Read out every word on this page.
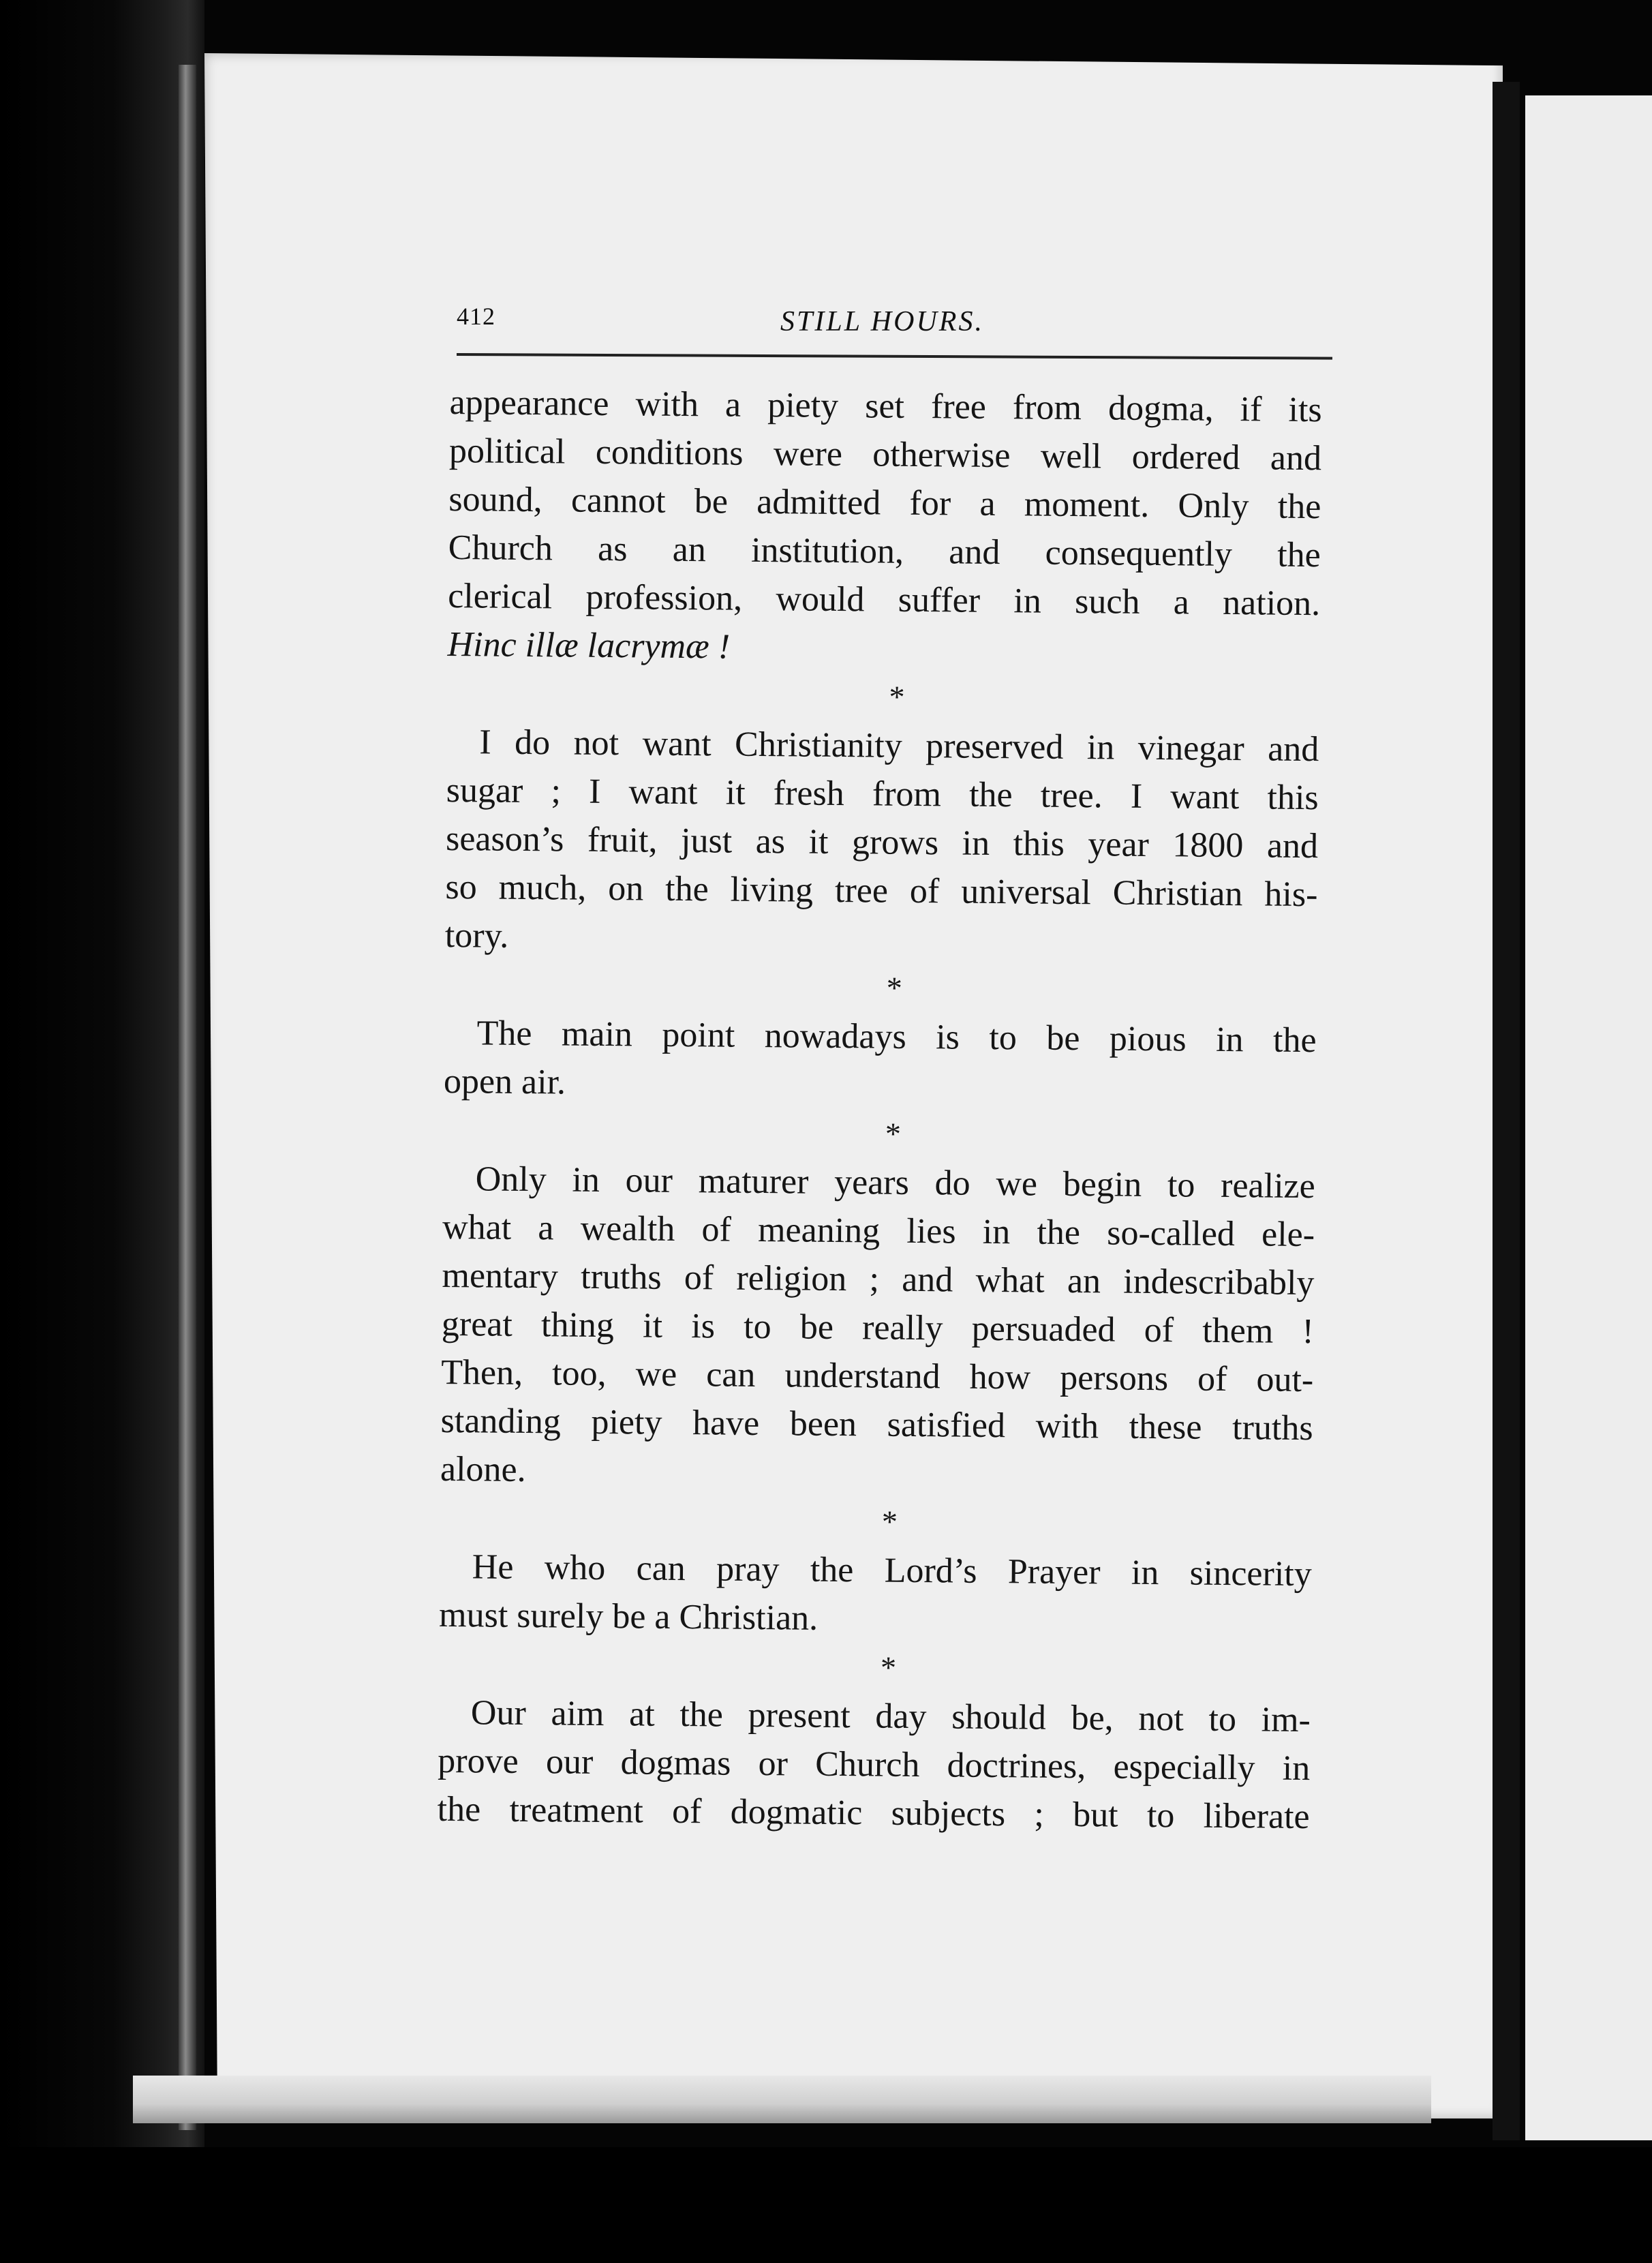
412	STILL HOURS.
appearance with a piety set free from dogma, if its
political conditions were otherwise well ordered and
sound, cannot be admitted for a moment. Only the
Church as an institution, and consequently the
clerical profession, would suffer in such a nation.
Hinc illæ lacrymæ !
*
I do not want Christianity preserved in vinegar and
sugar ; I want it fresh from the tree. I want this
season’s fruit, just as it grows in this year 1800 and
so much, on the living tree of universal Christian his-
tory.
*
The main point nowadays is to be pious in the
open air.
*
Only in our maturer years do we begin to realize
what a wealth of meaning lies in the so-called ele-
mentary truths of religion ; and what an indescribably
great thing it is to be really persuaded of them !
Then, too, we can understand how persons of out-
standing piety have been satisfied with these truths
alone.
*
He who can pray the Lord’s Prayer in sincerity
must surely be a Christian.
*
Our aim at the present day should be, not to im-
prove our dogmas or Church doctrines, especially in
the treatment of dogmatic subjects ; but to liberate
